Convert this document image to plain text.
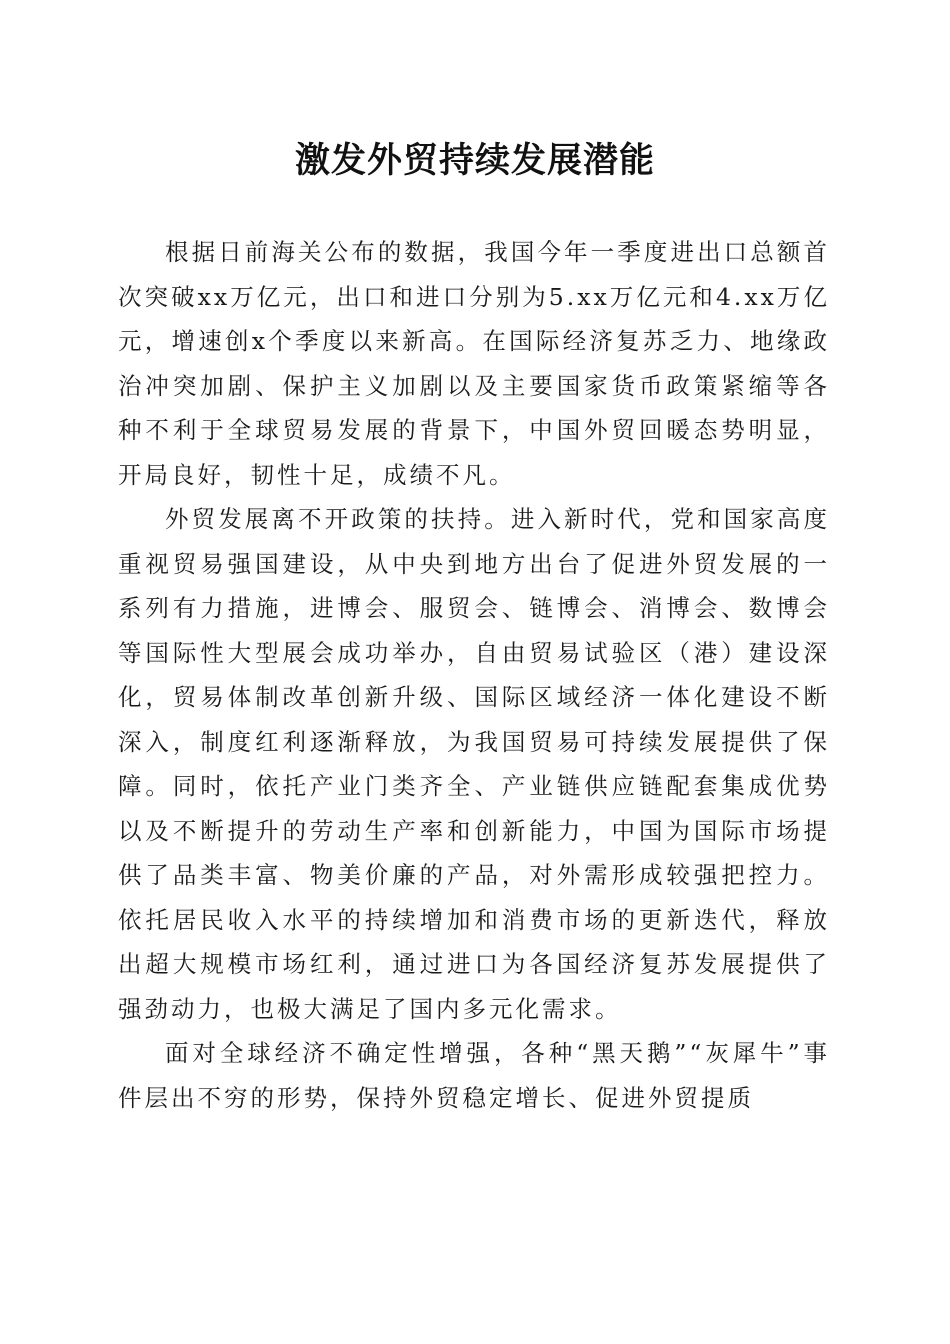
激发外贸持续发展潜能

根据日前海关公布的数据，我国今年一季度进出口总额首次突破xx万亿元，出口和进口分别为5.xx万亿元和4.xx万亿元，增速创x个季度以来新高。在国际经济复苏乏力、地缘政治冲突加剧、保护主义加剧以及主要国家货币政策紧缩等各种不利于全球贸易发展的背景下，中国外贸回暖态势明显，开局良好，韧性十足，成绩不凡。

外贸发展离不开政策的扶持。进入新时代，党和国家高度重视贸易强国建设，从中央到地方出台了促进外贸发展的一系列有力措施，进博会、服贸会、链博会、消博会、数博会等国际性大型展会成功举办，自由贸易试验区（港）建设深化，贸易体制改革创新升级、国际区域经济一体化建设不断深入，制度红利逐渐释放，为我国贸易可持续发展提供了保障。同时，依托产业门类齐全、产业链供应链配套集成优势以及不断提升的劳动生产率和创新能力，中国为国际市场提供了品类丰富、物美价廉的产品，对外需形成较强把控力。依托居民收入水平的持续增加和消费市场的更新迭代，释放出超大规模市场红利，通过进口为各国经济复苏发展提供了强劲动力，也极大满足了国内多元化需求。

面对全球经济不确定性增强，各种“黑天鹅”“灰犀牛”事件层出不穷的形势，保持外贸稳定增长、促进外贸提质
